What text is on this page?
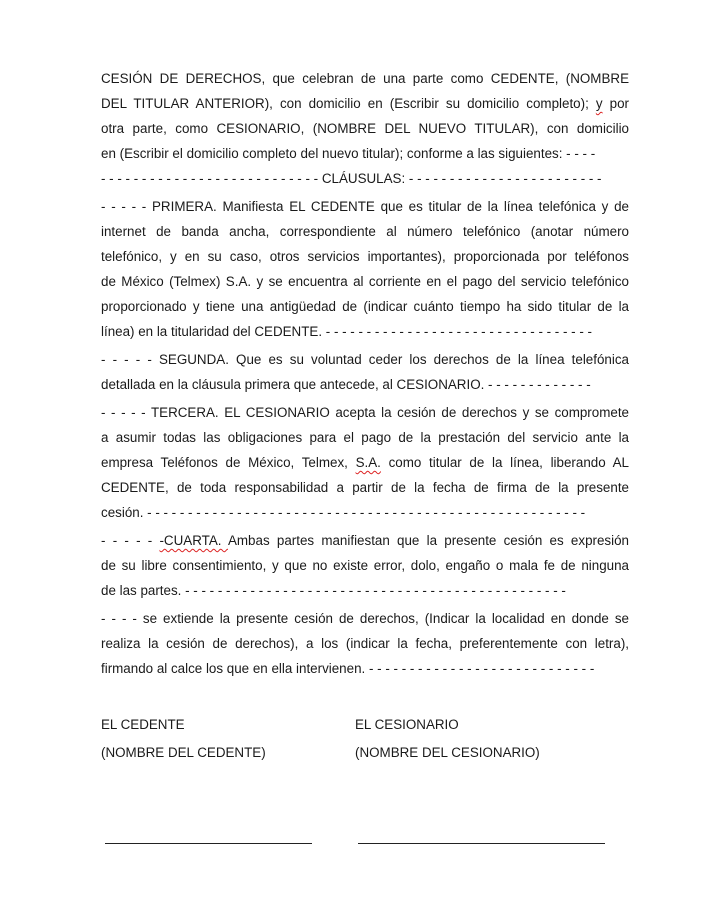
CESIÓN DE DERECHOS, que celebran de una parte como CEDENTE, (NOMBRE
DEL TITULAR ANTERIOR), con domicilio en (Escribir su domicilio completo); y por
otra parte, como CESIONARIO, (NOMBRE DEL NUEVO TITULAR), con domicilio
en (Escribir el domicilio completo del nuevo titular); conforme a las siguientes: - - - -
- - - - - - - - - - - - - - - - - - - - - - - - - - - CLÁUSULAS: - - - - - - - - - - - - - - - - - - - - - - - -

- - - - - PRIMERA. Manifiesta EL CEDENTE que es titular de la línea telefónica y de
internet de banda ancha, correspondiente al número telefónico (anotar número
telefónico, y en su caso, otros servicios importantes), proporcionada por teléfonos
de México (Telmex) S.A. y se encuentra al corriente en el pago del servicio telefónico
proporcionado y tiene una antigüedad de (indicar cuánto tiempo ha sido titular de la
línea) en la titularidad del CEDENTE. - - - - - - - - - - - - - - - - - - - - - - - - - - - - - - - - -

- - - - - SEGUNDA. Que es su voluntad ceder los derechos de la línea telefónica
detallada en la cláusula primera que antecede, al CESIONARIO. - - - - - - - - - - - - -

- - - - - TERCERA. EL CESIONARIO acepta la cesión de derechos y se compromete
a asumir todas las obligaciones para el pago de la prestación del servicio ante la
empresa Teléfonos de México, Telmex, S.A. como titular de la línea, liberando AL
CEDENTE, de toda responsabilidad a partir de la fecha de firma de la presente
cesión. - - - - - - - - - - - - - - - - - - - - - - - - - - - - - - - - - - - - - - - - - - - - - - - - - - - - - -

- - - - - -CUARTA. Ambas partes manifiestan que la presente cesión es expresión
de su libre consentimiento, y que no existe error, dolo, engaño o mala fe de ninguna
de las partes. - - - - - - - - - - - - - - - - - - - - - - - - - - - - - - - - - - - - - - - - - - - - - - -

- - - - se extiende la presente cesión de derechos, (Indicar la localidad en donde se
realiza la cesión de derechos), a los (indicar la fecha, preferentemente con letra),
firmando al calce los que en ella intervienen. - - - - - - - - - - - - - - - - - - - - - - - - - - - -

EL CEDENTE	EL CESIONARIO
(NOMBRE DEL CEDENTE)	(NOMBRE DEL CESIONARIO)
